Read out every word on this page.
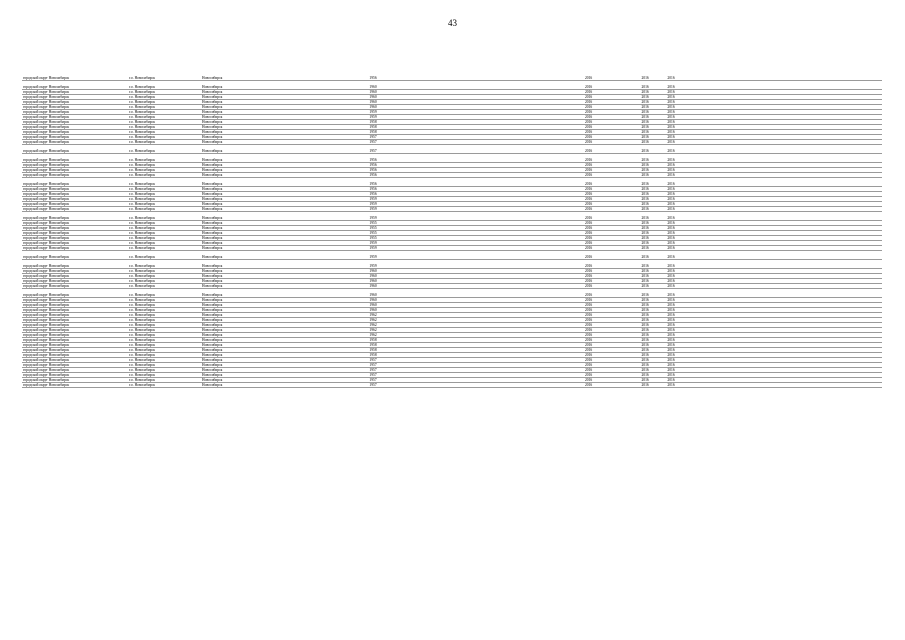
43
городской округ Новосибирск	г.о. Новосибирск	Новосибирск			1956		2016		2016	2016				
городской округ Новосибирск	г.о. Новосибирск	Новосибирск			1960		2016		2016	2016				
городской округ Новосибирск	г.о. Новосибирск	Новосибирск			1960		2016		2016	2016				
городской округ Новосибирск	г.о. Новосибирск	Новосибирск			1960		2016		2016	2016				
городской округ Новосибирск	г.о. Новосибирск	Новосибирск			1960		2016		2016	2016				
городской округ Новосибирск	г.о. Новосибирск	Новосибирск			1960		2016		2016	2016				
городской округ Новосибирск	г.о. Новосибирск	Новосибирск			1959		2016		2016	2016				
городской округ Новосибирск	г.о. Новосибирск	Новосибирск			1959		2016		2016	2016				
городской округ Новосибирск	г.о. Новосибирск	Новосибирск			1958		2016		2016	2016				
городской округ Новосибирск	г.о. Новосибирск	Новосибирск			1958		2016		2016	2016				
городской округ Новосибирск	г.о. Новосибирск	Новосибирск			1958		2016		2016	2016				
городской округ Новосибирск	г.о. Новосибирск	Новосибирск			1957		2016		2016	2016				
городской округ Новосибирск	г.о. Новосибирск	Новосибирск			1957		2016		2016	2016				
городской округ Новосибирск	г.о. Новосибирск	Новосибирск			1957		2016		2016	2016				
городской округ Новосибирск	г.о. Новосибирск	Новосибирск			1956		2016		2016	2016				
городской округ Новосибирск	г.о. Новосибирск	Новосибирск			1956		2016		2016	2016				
городской округ Новосибирск	г.о. Новосибирск	Новосибирск			1956		2016		2016	2016				
городской округ Новосибирск	г.о. Новосибирск	Новосибирск			1956		2016		2016	2016				
городской округ Новосибирск	г.о. Новосибирск	Новосибирск			1956		2016		2016	2016				
городской округ Новосибирск	г.о. Новосибирск	Новосибирск			1956		2016		2016	2016				
городской округ Новосибирск	г.о. Новосибирск	Новосибирск			1956		2016		2016	2016				
городской округ Новосибирск	г.о. Новосибирск	Новосибирск			1959		2016		2016	2016				
городской округ Новосибирск	г.о. Новосибирск	Новосибирск			1959		2016		2016	2016				
городской округ Новосибирск	г.о. Новосибирск	Новосибирск			1959		2016		2016	2016				
городской округ Новосибирск	г.о. Новосибирск	Новосибирск			1959		2016		2016	2016				
городской округ Новосибирск	г.о. Новосибирск	Новосибирск			1955		2016		2016	2016				
городской округ Новосибирск	г.о. Новосибирск	Новосибирск			1955		2016		2016	2016				
городской округ Новосибирск	г.о. Новосибирск	Новосибирск			1955		2016		2016	2016				
городской округ Новосибирск	г.о. Новосибирск	Новосибирск			1955		2016		2016	2016				
городской округ Новосибирск	г.о. Новосибирск	Новосибирск			1959		2016		2016	2016				
городской округ Новосибирск	г.о. Новосибирск	Новосибирск			1959		2016		2016	2016				
городской округ Новосибирск	г.о. Новосибирск	Новосибирск			1959		2016		2016	2016				
городской округ Новосибирск	г.о. Новосибирск	Новосибирск			1959		2016		2016	2016				
городской округ Новосибирск	г.о. Новосибирск	Новосибирск			1960		2016		2016	2016				
городской округ Новосибирск	г.о. Новосибирск	Новосибирск			1960		2016		2016	2016				
городской округ Новосибирск	г.о. Новосибирск	Новосибирск			1960		2016		2016	2016				
городской округ Новосибирск	г.о. Новосибирск	Новосибирск			1960		2016		2016	2016				
городской округ Новосибирск	г.о. Новосибирск	Новосибирск			1960		2016		2016	2016				
городской округ Новосибирск	г.о. Новосибирск	Новосибирск			1960		2016		2016	2016				
городской округ Новосибирск	г.о. Новосибирск	Новосибирск			1960		2016		2016	2016				
городской округ Новосибирск	г.о. Новосибирск	Новосибирск			1960		2016		2016	2016				
городской округ Новосибирск	г.о. Новосибирск	Новосибирск			1962		2016		2016	2016				
городской округ Новосибирск	г.о. Новосибирск	Новосибирск			1962		2016		2016	2016				
городской округ Новосибирск	г.о. Новосибирск	Новосибирск			1962		2016		2016	2016				
городской округ Новосибирск	г.о. Новосибирск	Новосибирск			1962		2016		2016	2016				
городской округ Новосибирск	г.о. Новосибирск	Новосибирск			1962		2016		2016	2016				
городской округ Новосибирск	г.о. Новосибирск	Новосибирск			1958		2016		2016	2016				
городской округ Новосибирск	г.о. Новосибирск	Новосибирск			1958		2016		2016	2016				
городской округ Новосибирск	г.о. Новосибирск	Новосибирск			1958		2016		2016	2016				
городской округ Новосибирск	г.о. Новосибирск	Новосибирск			1958		2016		2016	2016				
городской округ Новосибирск	г.о. Новосибирск	Новосибирск			1957		2016		2016	2016				
городской округ Новосибирск	г.о. Новосибирск	Новосибирск			1957		2016		2016	2016				
городской округ Новосибирск	г.о. Новосибирск	Новосибирск			1957		2016		2016	2016				
городской округ Новосибирск	г.о. Новосибирск	Новосибирск			1957		2016		2016	2016				
городской округ Новосибирск	г.о. Новосибирск	Новосибирск			1957		2016		2016	2016				
городской округ Новосибирск	г.о. Новосибирск	Новосибирск			1957		2016		2016	2016				
